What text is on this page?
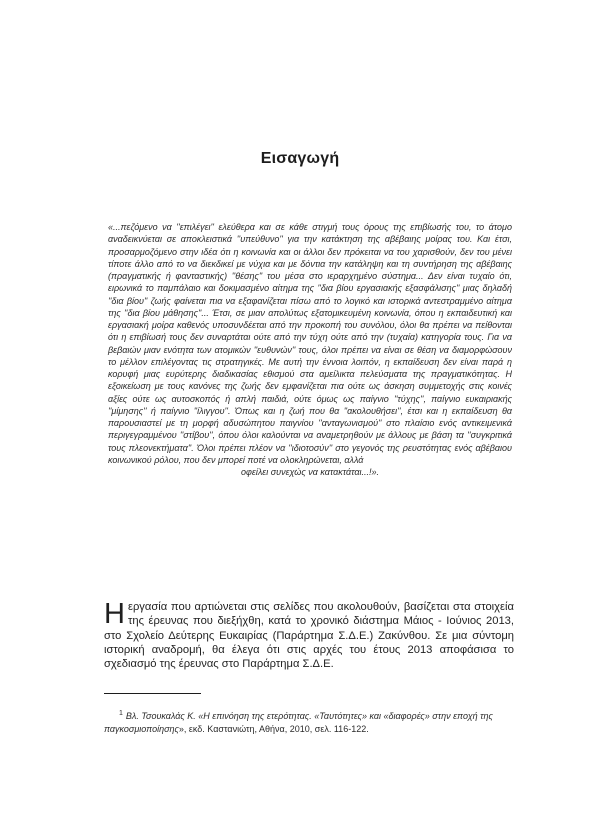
Εισαγωγή

«...πεζόμενο να ''επιλέγει'' ελεύθερα και σε κάθε στιγμή τους όρους της επιβίωσής του, το άτομο αναδεικνύεται σε αποκλειστικά ''υπεύθυνο'' για την κατάκτηση της αβέβαιης μοίρας του. Και έτσι, προσαρμοζόμενο στην ιδέα ότι η κοινωνία και οι άλλοι δεν πρόκειται να του χαρισθούν, δεν του μένει τίποτε άλλο από το να διεκδικεί με νύχια και με δόντια την κατάληψη και τη συντήρηση της αβέβαιης (πραγματικής ή φανταστικής) ''θέσης'' του μέσα στο ιεραρχημένο σύστημα... Δεν είναι τυχαίο ότι, ειρωνικά το παμπάλαιο και δοκιμασμένο αίτημα της ''δια βίου εργασιακής εξασφάλισης'' μιας δηλαδή ''δια βίου'' ζωής φαίνεται πια να εξαφανίζεται πίσω από το λογικό και ιστορικά αντεστραμμένο αίτημα της ''δια βίου μάθησης''... Έτσι, σε μιαν απολύτως εξατομικευμένη κοινωνία, όπου η εκπαιδευτική και εργασιακή μοίρα καθενός υποσυνδέεται από την προκοπή του συνόλου, όλοι θα πρέπει να πείθονται ότι η επιβίωσή τους δεν συναρτάται ούτε από την τύχη ούτε από την (τυχαία) κατηγορία τους. Για να βεβαιών μιαν ενότητα των ατομικών ''ευθυνών'' τους, όλοι πρέπει να είναι σε θέση να διαμορφώσουν το μέλλον επιλέγοντας τις στρατηγικές. Με αυτή την έννοια λοιπόν, η εκπαίδευση δεν είναι παρά η κορυφή μιας ευρύτερης διαδικασίας εθισμού στα αμείλικτα πελεύσματα της πραγματικότητας. Η εξοικείωση με τους κανόνες της ζωής δεν εμφανίζεται πια ούτε ως άσκηση συμμετοχής στις κοινές αξίες ούτε ως αυτοσκοπός ή απλή παιδιά, ούτε όμως ως παίγνιο ''τύχης'', παίγνιο ευκαιριακής ''μίμησης'' ή παίγνιο ''ίλιγγου''. Όπως και η ζωή που θα ''ακολουθήσει'', έτσι και η εκπαίδευση θα παρουσιαστεί με τη μορφή αδυσώπητου παιγνίου ''ανταγωνισμού'' στο πλαίσιο ενός αντικειμενικά περιγεγραμμένου ''στίβου'', όπου όλοι καλούνται να αναμετρηθούν με άλλους με βάση τα ''συγκριτικά τους πλεονεκτήματα''. Όλοι πρέπει πλέον να ''ιδιοτοσύν'' στο γεγονός της ρευστότητας ενός αβέβαιου κοινωνικού ρόλου, που δεν μπορεί ποτέ να ολοκληρώνεται, αλλά
οφείλει συνεχώς να κατακτάται...!».

Ηεργασία που αρτιώνεται στις σελίδες που ακολουθούν, βασίζεται στα στοιχεία της έρευνας που διεξήχθη, κατά το χρονικό διάστημα Μάιος - Ιούνιος 2013, στο Σχολείο Δεύτερης Ευκαιρίας (Παράρτημα Σ.Δ.Ε.) Ζακύνθου. Σε μια σύντομη ιστορική αναδρομή, θα έλεγα ότι στις αρχές του έτους 2013 αποφάσισα το σχεδιασμό της έρευνας στο Παράρτημα Σ.Δ.Ε.

$^1$ Βλ. Τσουκαλάς Κ. «Η επινόηση της ετερότητας. «Ταυτότητες» και «διαφορές» στην εποχή της παγκοσμιοποίησης», εκδ. Καστανιώτη, Αθήνα, 2010, σελ. 116-122.
